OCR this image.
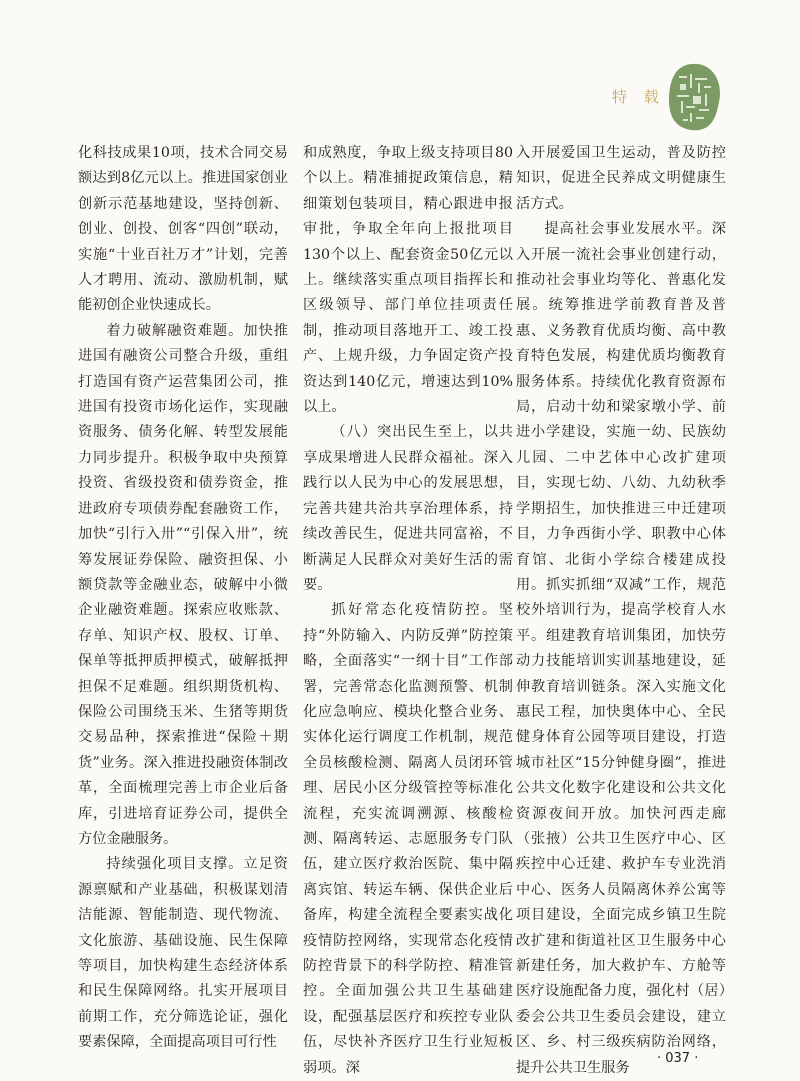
特 载

化科技成果10项，技术合同交易额达到8亿元以上。推进国家创业创新示范基地建设，坚持创新、创业、创投、创客“四创”联动，实施“十业百社万才”计划，完善人才聘用、流动、激励机制，赋能初创企业快速成长。

着力破解融资难题。加快推进国有融资公司整合升级，重组打造国有资产运营集团公司，推进国有投资市场化运作，实现融资服务、债务化解、转型发展能力同步提升。积极争取中央预算投资、省级投资和债券资金，推进政府专项债券配套融资工作，加快“引行入卅”“引保入卅”，统筹发展证券保险、融资担保、小额贷款等金融业态，破解中小微企业融资难题。探索应收账款、存单、知识产权、股权、订单、保单等抵押质押模式，破解抵押担保不足难题。组织期货机构、保险公司围绕玉米、生猪等期货交易品种，探索推进“保险＋期货”业务。深入推进投融资体制改革，全面梳理完善上市企业后备库，引进培育证券公司，提供全方位金融服务。

持续强化项目支撑。立足资源禀赋和产业基础，积极谋划清洁能源、智能制造、现代物流、文化旅游、基础设施、民生保障等项目，加快构建生态经济体系和民生保障网络。扎实开展项目前期工作，充分筛选论证，强化要素保障，全面提高项目可行性

和成熟度，争取上级支持项目80个以上。精准捕捉政策信息，精细策划包装项目，精心跟进申报审批，争取全年向上报批项目130个以上、配套资金50亿元以上。继续落实重点项目指挥长和区级领导、部门单位挂项责任制，推动项目落地开工、竣工投产、上规升级，力争固定资产投资达到140亿元，增速达到10%以上。

（八）突出民生至上，以共享成果增进人民群众福祉。深入践行以人民为中心的发展思想，完善共建共治共享治理体系，持续改善民生，促进共同富裕，不断满足人民群众对美好生活的需要。

抓好常态化疫情防控。坚持“外防输入、内防反弹”防控策略，全面落实“一纲十目”工作部署，完善常态化监测预警、机制化应急响应、模块化整合业务、实体化运行调度工作机制，规范全员核酸检测、隔离人员闭环管理、居民小区分级管控等标准化流程，充实流调溯源、核酸检测、隔离转运、志愿服务专门队伍，建立医疗救治医院、集中隔离宾馆、转运车辆、保供企业后备库，构建全流程全要素实战化疫情防控网络，实现常态化疫情防控背景下的科学防控、精准管控。全面加强公共卫生基础建设，配强基层医疗和疾控专业队伍，尽快补齐医疗卫生行业短板弱项。深

入开展爱国卫生运动，普及防控知识，促进全民养成文明健康生活方式。

提高社会事业发展水平。深入开展一流社会事业创建行动，推动社会事业均等化、普惠化发展。统筹推进学前教育普及普惠、义务教育优质均衡、高中教育特色发展，构建优质均衡教育服务体系。持续优化教育资源布局，启动十幼和梁家墩小学、前进小学建设，实施一幼、民族幼儿园、二中艺体中心改扩建项目，实现七幼、八幼、九幼秋季学期招生，加快推进三中迁建项目，力争西街小学、职教中心体育馆、北街小学综合楼建成投用。抓实抓细“双减”工作，规范校外培训行为，提高学校育人水平。组建教育培训集团，加快劳动力技能培训实训基地建设，延伸教育培训链条。深入实施文化惠民工程，加快奥体中心、全民健身体育公园等项目建设，打造城市社区“15分钟健身圈”，推进公共文化数字化建设和公共文化资源夜间开放。加快河西走廊（张掖）公共卫生医疗中心、区疾控中心迁建、救护车专业洗消中心、医务人员隔离休养公寓等项目建设，全面完成乡镇卫生院改扩建和街道社区卫生服务中心新建任务，加大救护车、方舱等医疗设施配备力度，强化村（居）委会公共卫生委员会建设，建立区、乡、村三级疾病防治网络，提升公共卫生服务

· 037 ·
